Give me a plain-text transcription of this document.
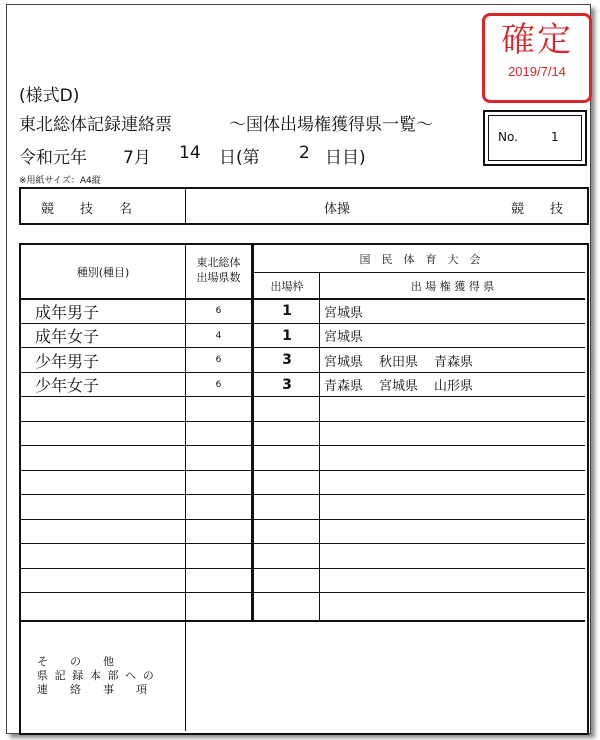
確定
2019/7/14
(様式D)
東北総体記録連絡票	〜国体出場権獲得県一覧〜
令和元年 7月 14 日(第 2 日目)
※用紙サイズ：A4縦
No.	1
競　　技　　名	体操	競　　技
種別(種目)
東北総体
出場県数
国　民　体　育　大　会
出場枠	出 場 権 獲 得 県
成年男子	6	1	宮城県
成年女子	4	1	宮城県
少年男子	6	3	宮城県 秋田県 青森県
少年女子	6	3	青森県 宮城県 山形県
そ　　の　　他
県 記 録 本 部 へ の
連　　絡　　事　　項
